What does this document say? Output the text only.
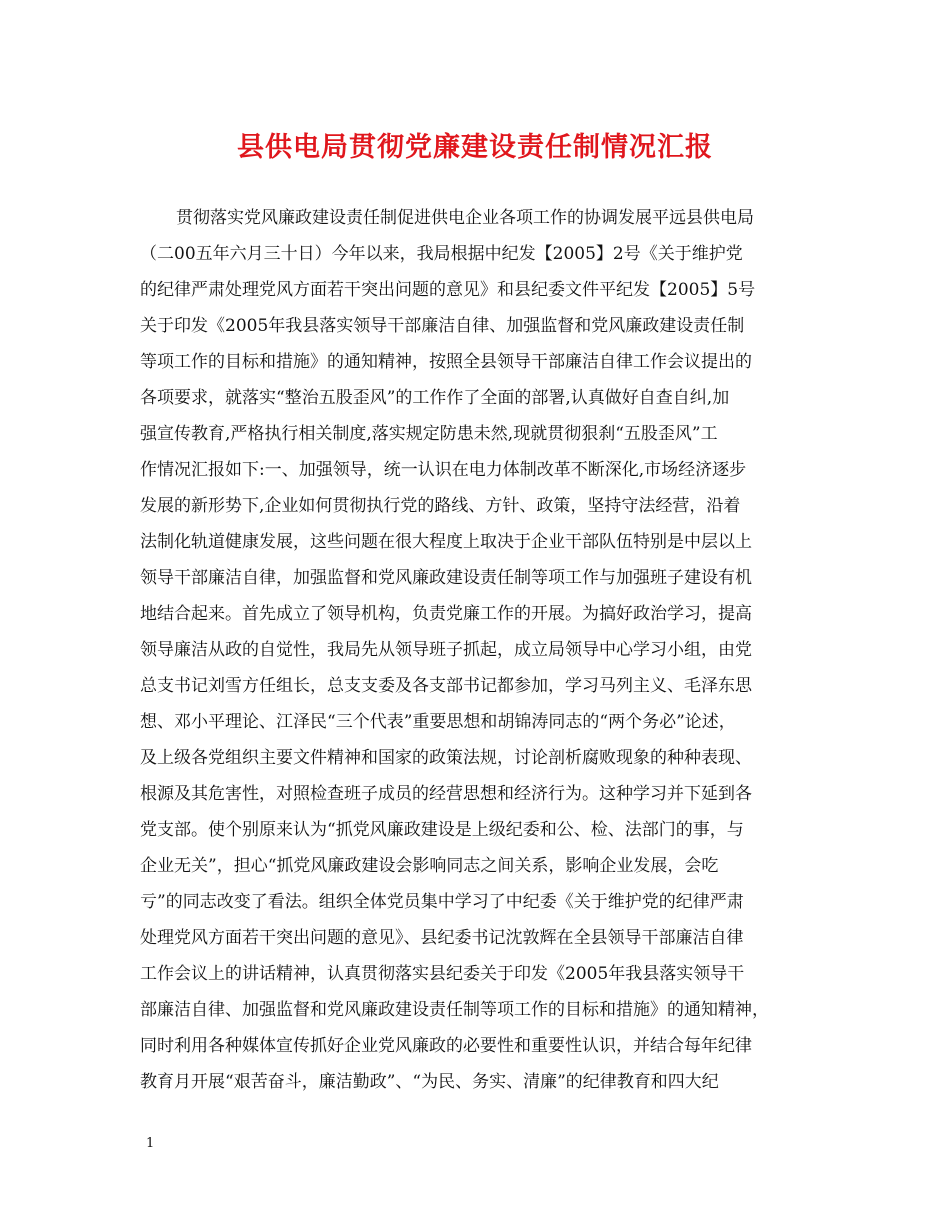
县供电局贯彻党廉建设责任制情况汇报
贯彻落实党风廉政建设责任制促进供电企业各项工作的协调发展平远县供电局
（二00五年六月三十日）今年以来，我局根据中纪发【2005】2号《关于维护党
的纪律严肃处理党风方面若干突出问题的意见》和县纪委文件平纪发【2005】5号
关于印发《2005年我县落实领导干部廉洁自律、加强监督和党风廉政建设责任制
等项工作的目标和措施》的通知精神，按照全县领导干部廉洁自律工作会议提出的
各项要求，就落实“整治五股歪风”的工作作了全面的部署,认真做好自查自纠,加
强宣传教育,严格执行相关制度,落实规定防患未然,现就贯彻狠刹“五股歪风”工
作情况汇报如下:一、加强领导，统一认识在电力体制改革不断深化,市场经济逐步
发展的新形势下,企业如何贯彻执行党的路线、方针、政策，坚持守法经营，沿着
法制化轨道健康发展，这些问题在很大程度上取决于企业干部队伍特别是中层以上
领导干部廉洁自律，加强监督和党风廉政建设责任制等项工作与加强班子建设有机
地结合起来。首先成立了领导机构，负责党廉工作的开展。为搞好政治学习，提高
领导廉洁从政的自觉性，我局先从领导班子抓起，成立局领导中心学习小组，由党
总支书记刘雪方任组长，总支支委及各支部书记都参加，学习马列主义、毛泽东思
想、邓小平理论、江泽民“三个代表”重要思想和胡锦涛同志的“两个务必”论述，
及上级各党组织主要文件精神和国家的政策法规，讨论剖析腐败现象的种种表现、
根源及其危害性，对照检查班子成员的经营思想和经济行为。这种学习并下延到各
党支部。使个别原来认为“抓党风廉政建设是上级纪委和公、检、法部门的事，与
企业无关”，担心“抓党风廉政建设会影响同志之间关系，影响企业发展，会吃
亏”的同志改变了看法。组织全体党员集中学习了中纪委《关于维护党的纪律严肃
处理党风方面若干突出问题的意见》、县纪委书记沈敦辉在全县领导干部廉洁自律
工作会议上的讲话精神，认真贯彻落实县纪委关于印发《2005年我县落实领导干
部廉洁自律、加强监督和党风廉政建设责任制等项工作的目标和措施》的通知精神，
同时利用各种媒体宣传抓好企业党风廉政的必要性和重要性认识，并结合每年纪律
教育月开展“艰苦奋斗，廉洁勤政”、“为民、务实、清廉”的纪律教育和四大纪
1
